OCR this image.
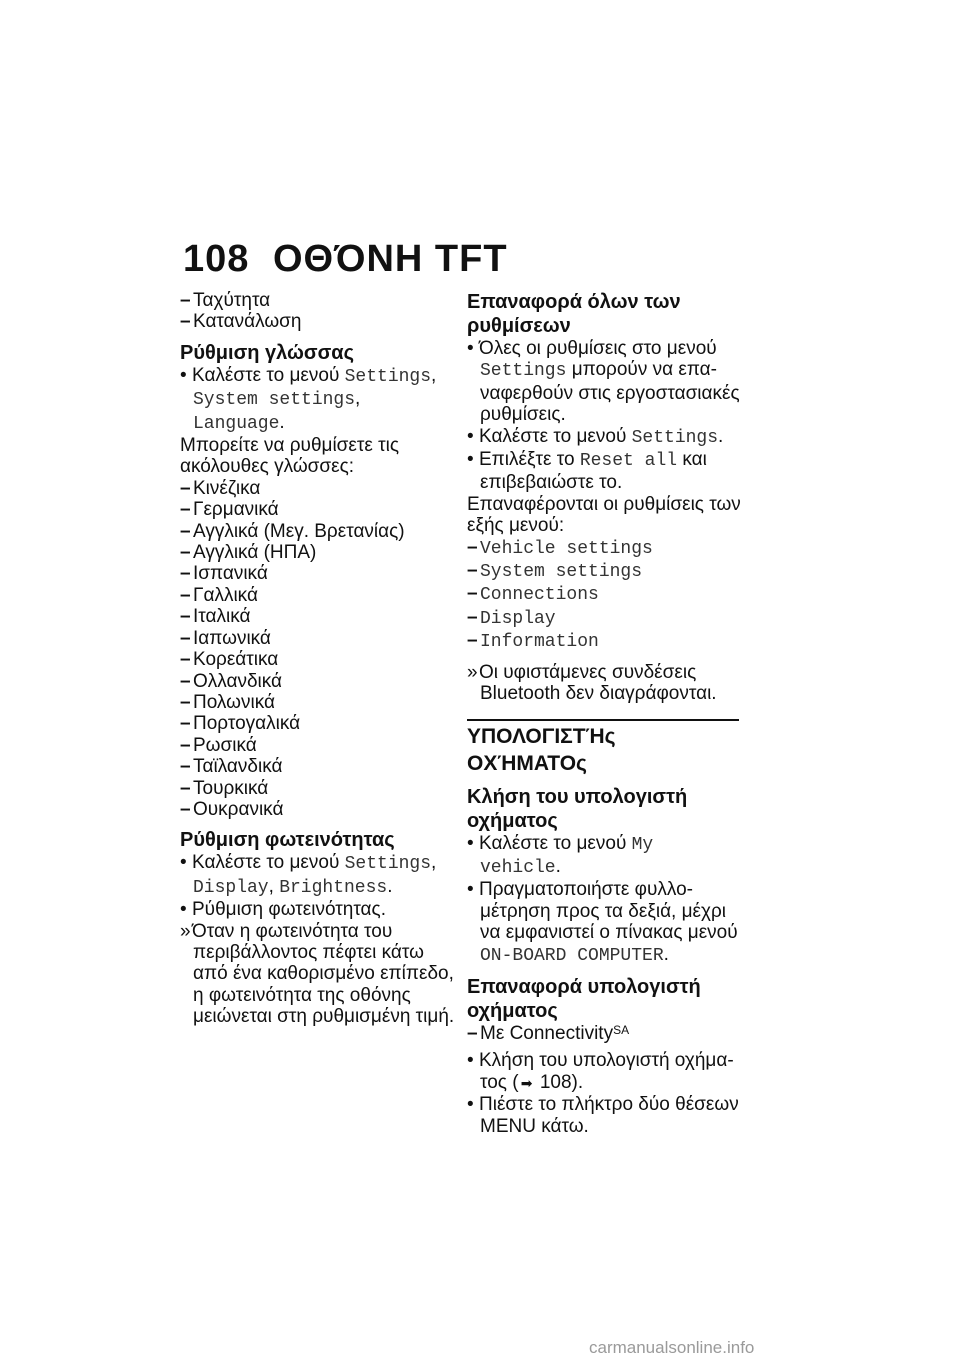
108 ΟΘΌΝΗ TFT
– Ταχύτητα
– Κατανάλωση
Ρύθμιση γλώσσας
• Καλέστε το μενού Settings,
System settings,
Language.
Μπορείτε να ρυθμίσετε τις
ακόλουθες γλώσσες:
– Κινέζικα
– Γερμανικά
– Αγγλικά (Μεγ. Βρετανίας)
– Αγγλικά (ΗΠΑ)
– Ισπανικά
– Γαλλικά
– Ιταλικά
– Ιαπωνικά
– Κορεάτικα
– Ολλανδικά
– Πολωνικά
– Πορτογαλικά
– Ρωσικά
– Ταϊλανδικά
– Τουρκικά
– Ουκρανικά
Ρύθμιση φωτεινότητας
• Καλέστε το μενού Settings,
Display, Brightness.
• Ρύθμιση φωτεινότητας.
»Όταν η φωτεινότητα του
περιβάλλοντος πέφτει κάτω
από ένα καθορισμένο επίπεδο,
η φωτεινότητα της οθόνης
μειώνεται στη ρυθμισμένη τιμή.
Επαναφορά όλων των
ρυθμίσεων
• Όλες οι ρυθμίσεις στο μενού
Settings μπορούν να επα-
ναφερθούν στις εργοστασιακές
ρυθμίσεις.
• Καλέστε το μενού Settings.
• Επιλέξτε το Reset all και
επιβεβαιώστε το.
Επαναφέρονται οι ρυθμίσεις των
εξής μενού:
– Vehicle settings
– System settings
– Connections
– Display
– Information
»Οι υφιστάμενες συνδέσεις
Bluetooth δεν διαγράφονται.
ΥΠΟΛΟΓΙΣΤΉς ΟΧΉΜΑΤΟς
Κλήση του υπολογιστή
οχήματος
• Καλέστε το μενού My
vehicle.
• Πραγματοποιήστε φυλλο-
μέτρηση προς τα δεξιά, μέχρι
να εμφανιστεί ο πίνακας μενού
ON-BOARD COMPUTER.
Επαναφορά υπολογιστή
οχήματος
– Με Connectivity$^{SA}$
• Κλήση του υπολογιστή οχήμα-
τος ( ➡ 108).
• Πιέστε το πλήκτρο δύο θέσεων
MENU κάτω.
carmanualsonline.info
